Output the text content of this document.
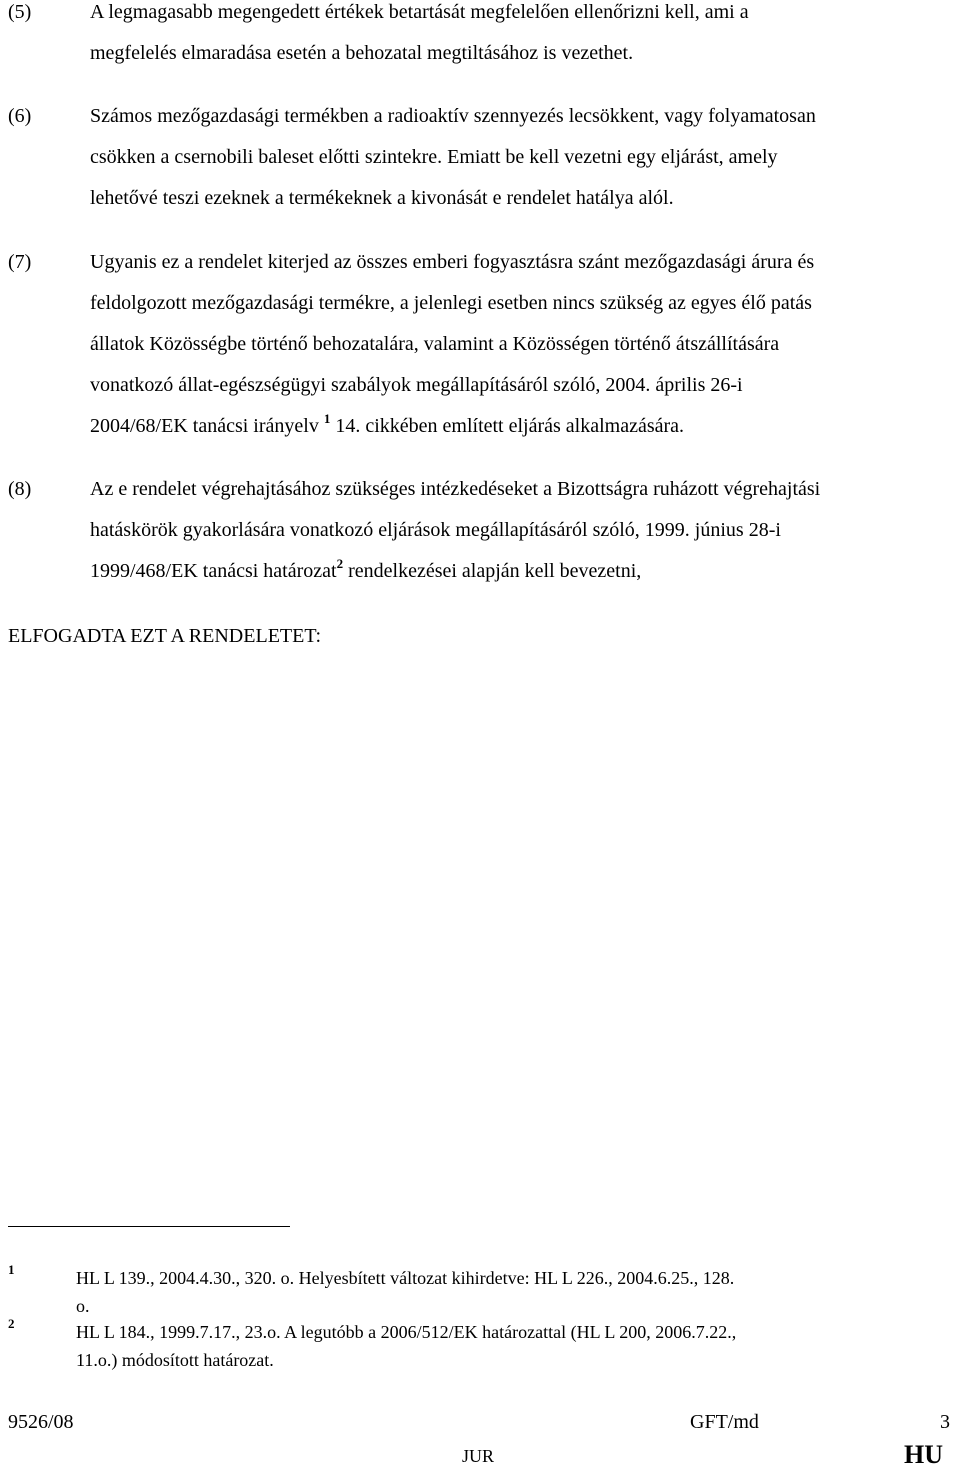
(5)	A legmagasabb megengedett értékek betartását megfelelően ellenőrizni kell, ami a
megfelelés elmaradása esetén a behozatal megtiltásához is vezethet.
(6)	Számos mezőgazdasági termékben a radioaktív szennyezés lecsökkent, vagy folyamatosan
csökken a csernobili baleset előtti szintekre. Emiatt be kell vezetni egy eljárást, amely
lehetővé teszi ezeknek a termékeknek a kivonását e rendelet hatálya alól.
(7)	Ugyanis ez a rendelet kiterjed az összes emberi fogyasztásra szánt mezőgazdasági árura és
feldolgozott mezőgazdasági termékre, a jelenlegi esetben nincs szükség az egyes élő patás
állatok Közösségbe történő behozatalára, valamint a Közösségen történő átszállítására
vonatkozó állat-egészségügyi szabályok megállapításáról szóló, 2004. április 26-i
2004/68/EK tanácsi irányelv $^1$ 14. cikkében említett eljárás alkalmazására.
(8)	Az e rendelet végrehajtásához szükséges intézkedéseket a Bizottságra ruházott végrehajtási
hatáskörök gyakorlására vonatkozó eljárások megállapításáról szóló, 1999. június 28-i
1999/468/EK tanácsi határozat$^2$ rendelkezései alapján kell bevezetni,
ELFOGADTA EZT A RENDELETET:
1	HL L 139., 2004.4.30., 320. o. Helyesbített változat kihirdetve: HL L 226., 2004.6.25., 128.
o.
2	HL L 184., 1999.7.17., 23.o. A legutóbb a 2006/512/EK határozattal (HL L 200, 2006.7.22.,
11.o.) módosított határozat.
9526/08	GFT/md	3
JUR	HU
